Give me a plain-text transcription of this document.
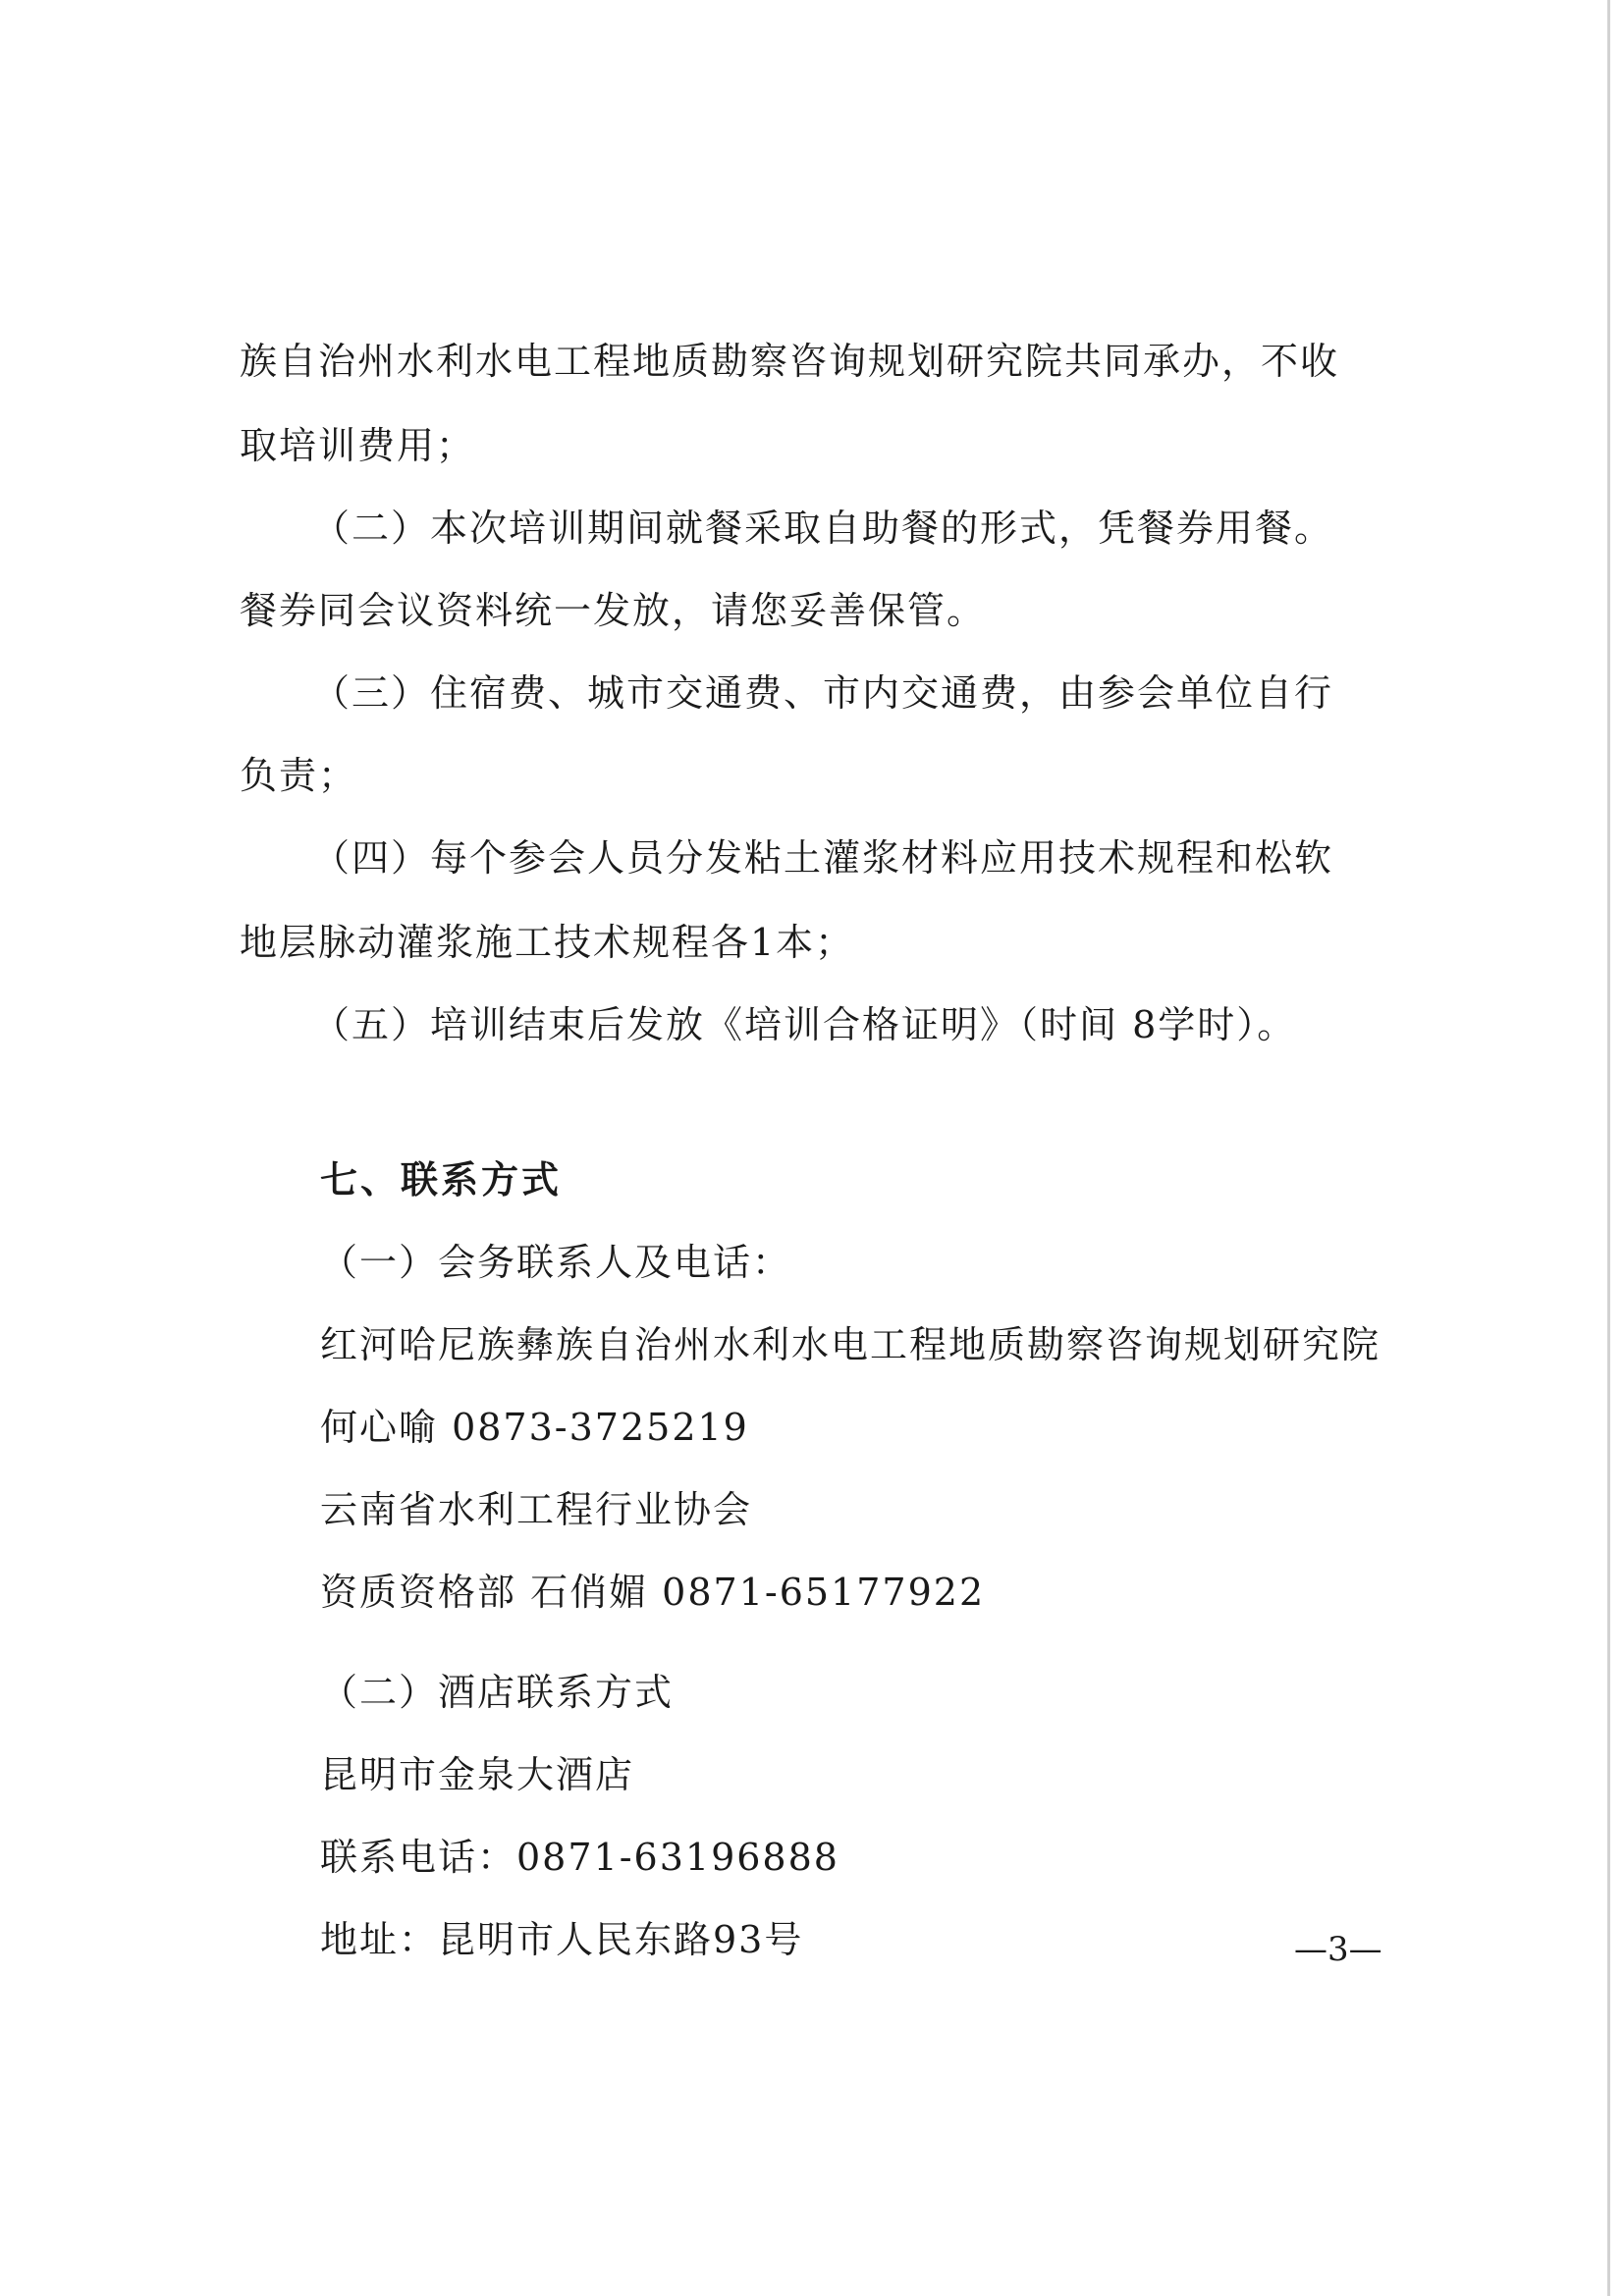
族自治州水利水电工程地质勘察咨询规划研究院共同承办，不收
取培训费用；
（二）本次培训期间就餐采取自助餐的形式，凭餐券用餐。
餐券同会议资料统一发放，请您妥善保管。
（三）住宿费、城市交通费、市内交通费，由参会单位自行
负责；
（四）每个参会人员分发粘土灌浆材料应用技术规程和松软
地层脉动灌浆施工技术规程各1本；
（五）培训结束后发放《培训合格证明》（时间 8学时）。
七、联系方式
（一）会务联系人及电话：
红河哈尼族彝族自治州水利水电工程地质勘察咨询规划研究院
何心喻 0873-3725219
云南省水利工程行业协会
资质资格部 石俏媚 0871-65177922
（二）酒店联系方式
昆明市金泉大酒店
联系电话：0871-63196888
地址：昆明市人民东路93号	—3—
